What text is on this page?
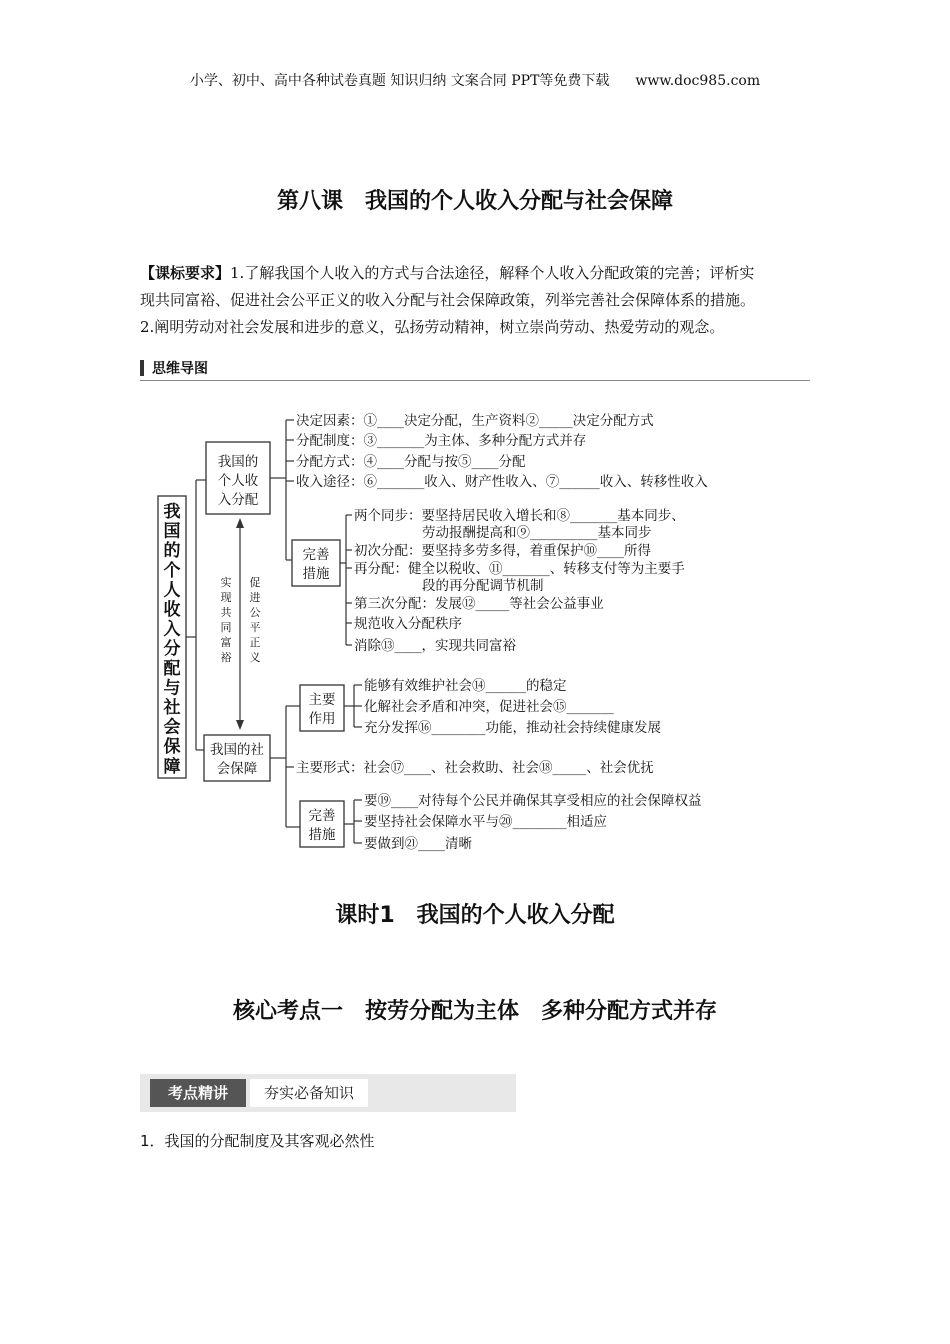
小学、初中、高中各种试卷真题 知识归纳 文案合同 PPT等免费下载 www.doc985.com
第八课　我国的个人收入分配与社会保障

【课标要求】1.了解我国个人收入的方式与合法途径，解释个人收入分配政策的完善；评析实

现共同富裕、促进社会公平正义的收入分配与社会保障政策，列举完善社会保障体系的措施。

2.阐明劳动对社会发展和进步的意义，弘扬劳动精神，树立崇尚劳动、热爱劳动的观念。

思维导图
我
国
的
个
人
收
入
分
配
与
社
会
保
障
我国的
个人收
入分配
决定因素：①____决定分配，生产资料②_____决定分配方式
分配制度：③_______为主体、多种分配方式并存
分配方式：④____分配与按⑤____分配
收入途径：⑥_______收入、财产性收入、⑦______收入、转移性收入
完善
措施
两个同步：要坚持居民收入增长和⑧_______基本同步、
劳动报酬提高和⑨__________基本同步
初次分配：要坚持多劳多得，着重保护⑩____所得
再分配：健全以税收、⑪_______、转移支付等为主要手
段的再分配调节机制
第三次分配：发展⑫_____等社会公益事业
规范收入分配秩序
消除⑬____，实现共同富裕
实
现
共
同
富
裕
促
进
公
平
正
义
我国的社
会保障
主要
作用
能够有效维护社会⑭______的稳定
化解社会矛盾和冲突，促进社会⑮_______
充分发挥⑯________功能，推动社会持续健康发展
主要形式：社会⑰____、社会救助、社会⑱_____、社会优抚
完善
措施
要⑲____对待每个公民并确保其享受相应的社会保障权益
要坚持社会保障水平与⑳________相适应
要做到㉑____清晰
课时1　我国的个人收入分配
核心考点一　按劳分配为主体　多种分配方式并存
考点精讲	夯实必备知识
1．我国的分配制度及其客观必然性
